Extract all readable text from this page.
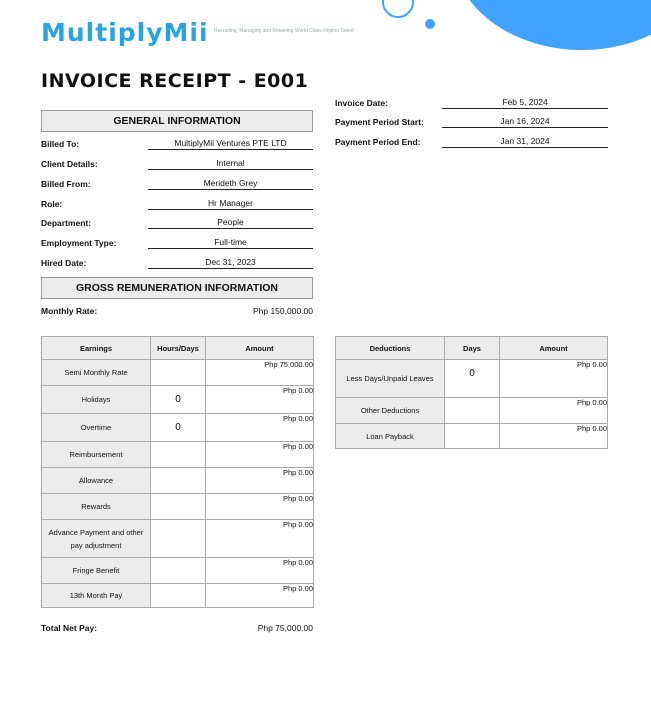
MultiplyMii Recruiting, Managing and Retaining World Class Filipino Talent
INVOICE RECEIPT - E001
Invoice Date:	Feb 5, 2024
Payment Period Start:	Jan 16, 2024
Payment Period End:	Jan 31, 2024
GENERAL INFORMATION
Billed To:	MultiplyMii Ventures PTE LTD
Client Details:	Internal
Billed From:	Merideth Grey
Role:	Hr Manager
Department:	People
Employment Type:	Full-time
Hired Date:	Dec 31, 2023
GROSS REMUNERATION INFORMATION
Monthly Rate:	Php 150,000.00
Earnings	Hours/Days	Amount
Semi Monthly Rate		Php 75,000.00
Holidays	0	Php 0.00
Overtime	0	Php 0.00
Reimbursement		Php 0.00
Allowance		Php 0.00
Rewards		Php 0.00
Advance Payment and other pay adjustment		Php 0.00
Fringe Benefit		Php 0.00
13th Month Pay		Php 0.00
Deductions	Days	Amount
Less Days/Unpaid Leaves	0	Php 0.00
Other Deductions		Php 0.00
Loan Payback		Php 0.00
Total Net Pay:	Php 75,000.00
